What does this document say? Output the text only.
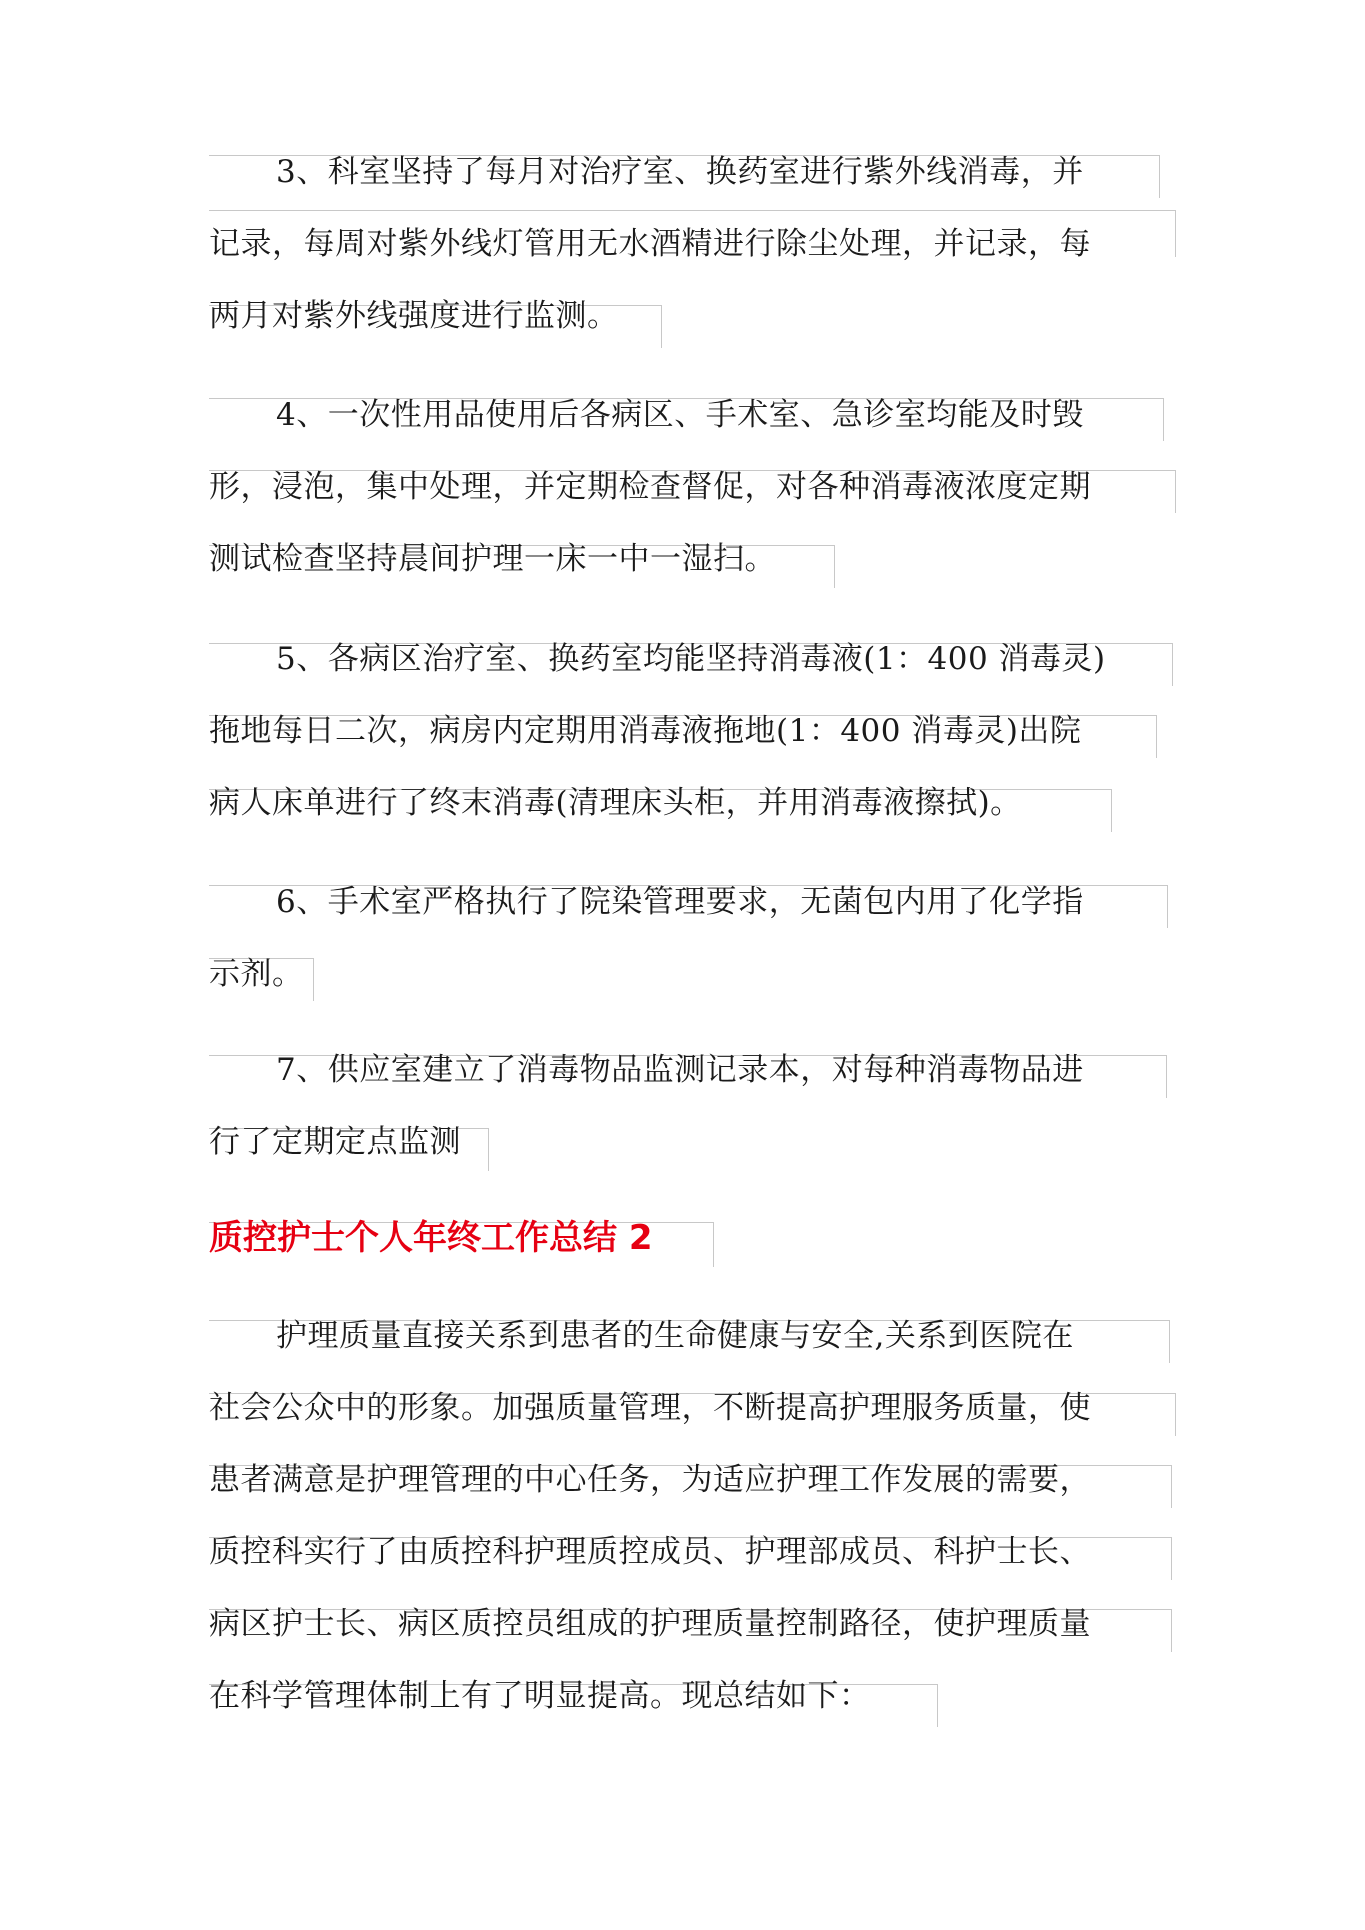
3、科室坚持了每月对治疗室、换药室进行紫外线消毒，并
记录，每周对紫外线灯管用无水酒精进行除尘处理，并记录，每
两月对紫外线强度进行监测。
4、一次性用品使用后各病区、手术室、急诊室均能及时毁
形，浸泡，集中处理，并定期检查督促，对各种消毒液浓度定期
测试检查坚持晨间护理一床一中一湿扫。
5、各病区治疗室、换药室均能坚持消毒液(1：400 消毒灵)
拖地每日二次，病房内定期用消毒液拖地(1：400 消毒灵)出院
病人床单进行了终末消毒(清理床头柜，并用消毒液擦拭)。
6、手术室严格执行了院染管理要求，无菌包内用了化学指
示剂。
7、供应室建立了消毒物品监测记录本，对每种消毒物品进
行了定期定点监测
质控护士个人年终工作总结 2
护理质量直接关系到患者的生命健康与安全,关系到医院在
社会公众中的形象。加强质量管理，不断提高护理服务质量，使
患者满意是护理管理的中心任务，为适应护理工作发展的需要，
质控科实行了由质控科护理质控成员、护理部成员、科护士长、
病区护士长、病区质控员组成的护理质量控制路径，使护理质量
在科学管理体制上有了明显提高。现总结如下：
